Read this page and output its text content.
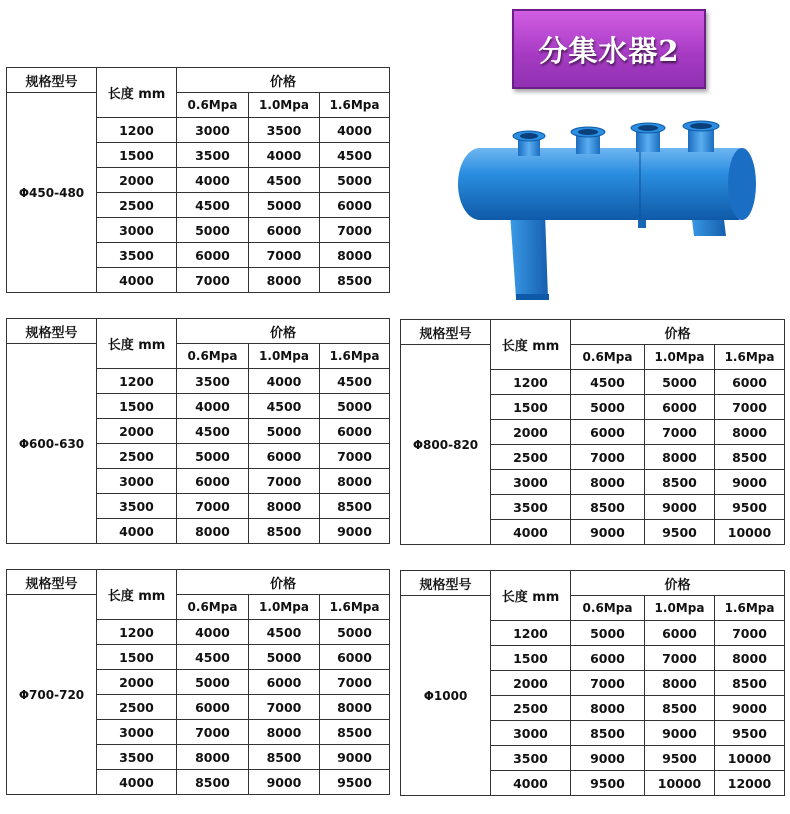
分集水器2
规格型号	长度 mm	价格		
Φ450-480		0.6Mpa	1.0Mpa	1.6Mpa
	1200	3000	3500	4000
	1500	3500	4000	4500
	2000	4000	4500	5000
	2500	4500	5000	6000
	3000	5000	6000	7000
	3500	6000	7000	8000
	4000	7000	8000	8500
规格型号	长度 mm	价格		
Φ600-630		0.6Mpa	1.0Mpa	1.6Mpa
	1200	3500	4000	4500
	1500	4000	4500	5000
	2000	4500	5000	6000
	2500	5000	6000	7000
	3000	6000	7000	8000
	3500	7000	8000	8500
	4000	8000	8500	9000
规格型号	长度 mm	价格		
Φ800-820		0.6Mpa	1.0Mpa	1.6Mpa
	1200	4500	5000	6000
	1500	5000	6000	7000
	2000	6000	7000	8000
	2500	7000	8000	8500
	3000	8000	8500	9000
	3500	8500	9000	9500
	4000	9000	9500	10000
规格型号	长度 mm	价格		
Φ700-720		0.6Mpa	1.0Mpa	1.6Mpa
	1200	4000	4500	5000
	1500	4500	5000	6000
	2000	5000	6000	7000
	2500	6000	7000	8000
	3000	7000	8000	8500
	3500	8000	8500	9000
	4000	8500	9000	9500
规格型号	长度 mm	价格		
Φ1000		0.6Mpa	1.0Mpa	1.6Mpa
	1200	5000	6000	7000
	1500	6000	7000	8000
	2000	7000	8000	8500
	2500	8000	8500	9000
	3000	8500	9000	9500
	3500	9000	9500	10000
	4000	9500	10000	12000
